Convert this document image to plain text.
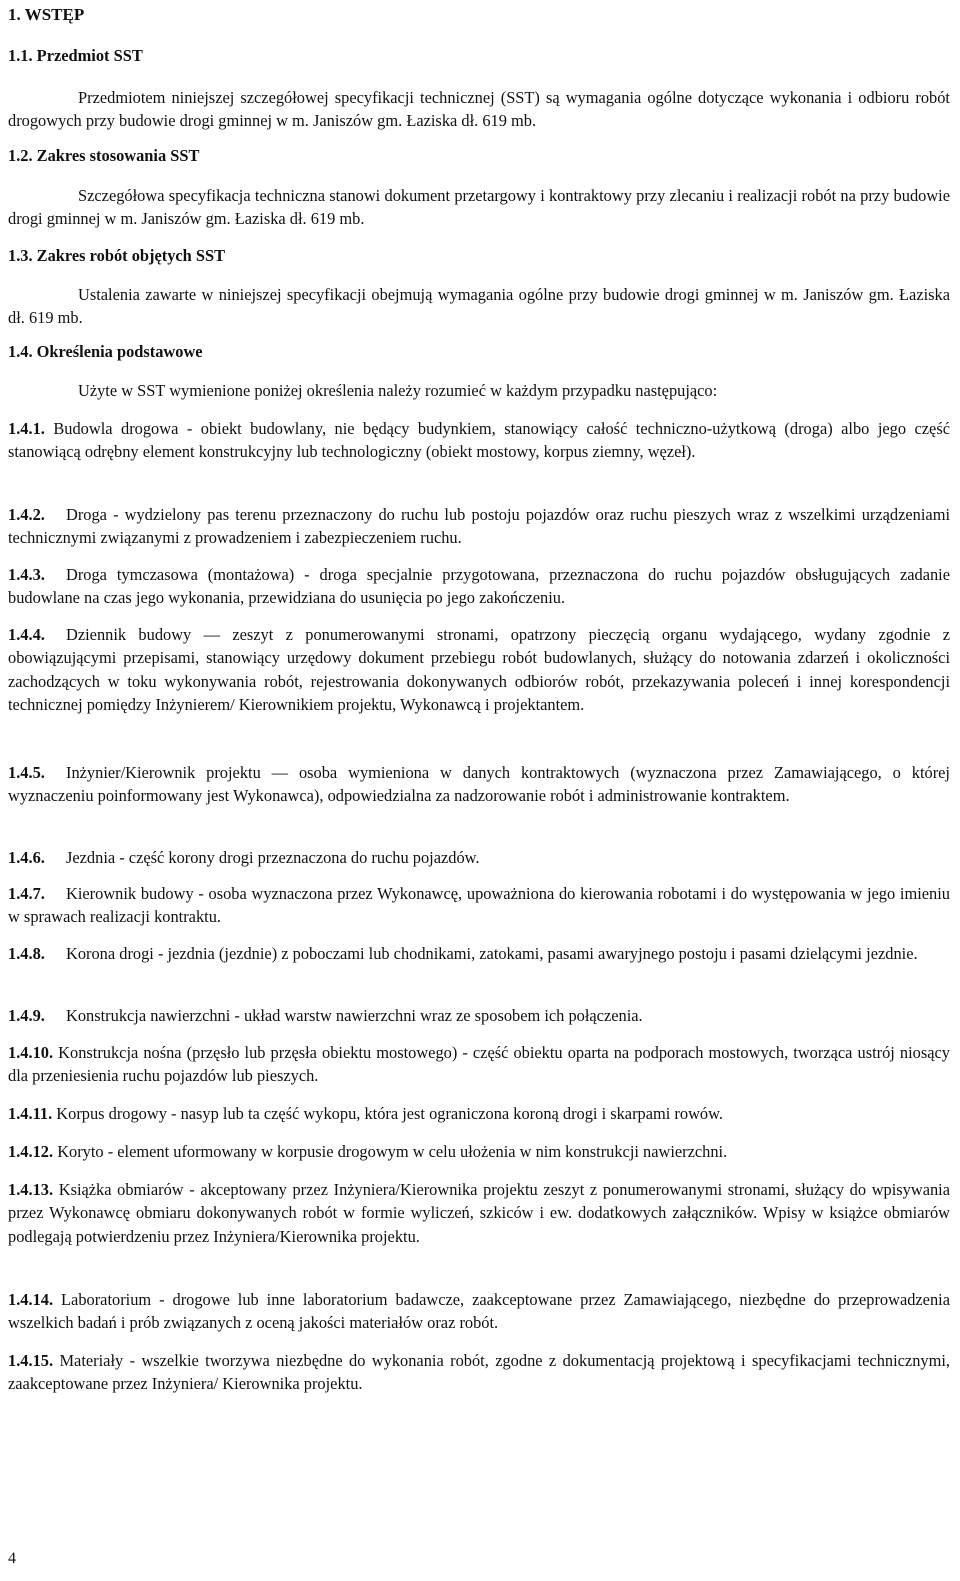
1. WSTĘP
1.1. Przedmiot SST
Przedmiotem niniejszej szczegółowej specyfikacji technicznej (SST) są wymagania ogólne dotyczące wykonania i odbioru robót drogowych przy budowie drogi gminnej w m. Janiszów gm. Łaziska dł. 619 mb.
1.2. Zakres stosowania SST
Szczegółowa specyfikacja techniczna stanowi dokument przetargowy i kontraktowy przy zlecaniu i realizacji robót na przy budowie drogi gminnej w m. Janiszów gm. Łaziska dł. 619 mb.
1.3. Zakres robót objętych SST
Ustalenia zawarte w niniejszej specyfikacji obejmują wymagania ogólne przy budowie drogi gminnej w m. Janiszów gm. Łaziska dł. 619 mb.
1.4. Określenia podstawowe
Użyte w SST wymienione poniżej określenia należy rozumieć w każdym przypadku następująco:
1.4.1. Budowla drogowa - obiekt budowlany, nie będący budynkiem, stanowiący całość techniczno-użytkową (droga) albo jego część stanowiącą odrębny element konstrukcyjny lub technologiczny (obiekt mostowy, korpus ziemny, węzeł).
1.4.2. Droga - wydzielony pas terenu przeznaczony do ruchu lub postoju pojazdów oraz ruchu pieszych wraz z wszelkimi urządzeniami technicznymi związanymi z prowadzeniem i zabezpieczeniem ruchu.
1.4.3. Droga tymczasowa (montażowa) - droga specjalnie przygotowana, przeznaczona do ruchu pojazdów obsługujących zadanie budowlane na czas jego wykonania, przewidziana do usunięcia po jego zakończeniu.
1.4.4. Dziennik budowy — zeszyt z ponumerowanymi stronami, opatrzony pieczęcią organu wydającego, wydany zgodnie z obowiązującymi przepisami, stanowiący urzędowy dokument przebiegu robót budowlanych, służący do notowania zdarzeń i okoliczności zachodzących w toku wykonywania robót, rejestrowania dokonywanych odbiorów robót, przekazywania poleceń i innej korespondencji technicznej pomiędzy Inżynierem/ Kierownikiem projektu, Wykonawcą i projektantem.
1.4.5. Inżynier/Kierownik projektu — osoba wymieniona w danych kontraktowych (wyznaczona przez Zamawiającego, o której wyznaczeniu poinformowany jest Wykonawca), odpowiedzialna za nadzorowanie robót i administrowanie kontraktem.
1.4.6. Jezdnia - część korony drogi przeznaczona do ruchu pojazdów.
1.4.7. Kierownik budowy - osoba wyznaczona przez Wykonawcę, upoważniona do kierowania robotami i do występowania w jego imieniu w sprawach realizacji kontraktu.
1.4.8. Korona drogi - jezdnia (jezdnie) z poboczami lub chodnikami, zatokami, pasami awaryjnego postoju i pasami dzielącymi jezdnie.
1.4.9. Konstrukcja nawierzchni - układ warstw nawierzchni wraz ze sposobem ich połączenia.
1.4.10. Konstrukcja nośna (przęsło lub przęsła obiektu mostowego) - część obiektu oparta na podporach mostowych, tworząca ustrój niosący dla przeniesienia ruchu pojazdów lub pieszych.
1.4.11. Korpus drogowy - nasyp lub ta część wykopu, która jest ograniczona koroną drogi i skarpami rowów.
1.4.12. Koryto - element uformowany w korpusie drogowym w celu ułożenia w nim konstrukcji nawierzchni.
1.4.13. Książka obmiarów - akceptowany przez Inżyniera/Kierownika projektu zeszyt z ponumerowanymi stronami, służący do wpisywania przez Wykonawcę obmiaru dokonywanych robót w formie wyliczeń, szkiców i ew. dodatkowych załączników. Wpisy w książce obmiarów podlegają potwierdzeniu przez Inżyniera/Kierownika projektu.
1.4.14. Laboratorium - drogowe lub inne laboratorium badawcze, zaakceptowane przez Zamawiającego, niezbędne do przeprowadzenia wszelkich badań i prób związanych z oceną jakości materiałów oraz robót.
1.4.15. Materiały - wszelkie tworzywa niezbędne do wykonania robót, zgodne z dokumentacją projektową i specyfikacjami technicznymi, zaakceptowane przez Inżyniera/ Kierownika projektu.
4
